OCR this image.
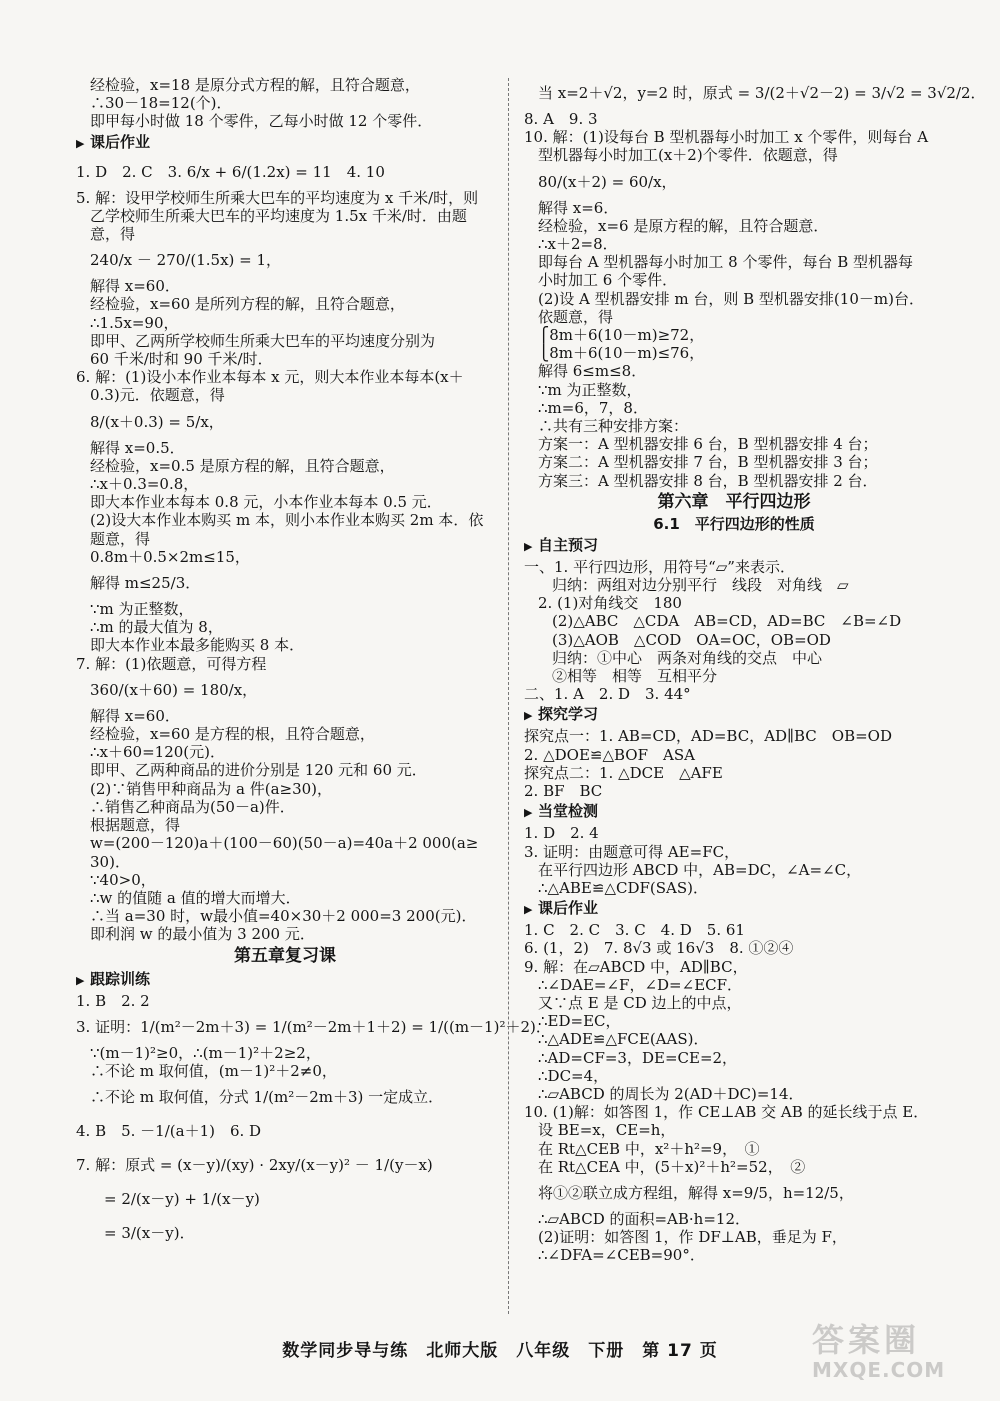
经检验，x=18 是原分式方程的解，且符合题意，
∴30－18=12(个)．
即甲每小时做 18 个零件，乙每小时做 12 个零件．
▶ 课后作业
1. D　2. C　3. 6/x + 6/(1.2x) = 11　4. 10
5. 解：设甲学校师生所乘大巴车的平均速度为 x 千米/时，则
乙学校师生所乘大巴车的平均速度为 1.5x 千米/时．由题
意，得
240/x － 270/(1.5x) = 1，
解得 x=60．
经检验，x=60 是所列方程的解，且符合题意，
∴1.5x=90，
即甲、乙两所学校师生所乘大巴车的平均速度分别为
60 千米/时和 90 千米/时．
6. 解：(1)设小本作业本每本 x 元，则大本作业本每本(x＋
0.3)元．依题意，得
8/(x＋0.3) = 5/x，
解得 x=0.5．
经检验，x=0.5 是原方程的解，且符合题意，
∴x＋0.3=0.8，
即大本作业本每本 0.8 元，小本作业本每本 0.5 元．
(2)设大本作业本购买 m 本，则小本作业本购买 2m 本．依
题意，得
0.8m＋0.5×2m≤15，
解得 m≤25/3．
∵m 为正整数，
∴m 的最大值为 8，
即大本作业本最多能购买 8 本．
7. 解：(1)依题意，可得方程
360/(x＋60) = 180/x，
解得 x=60．
经检验，x=60 是方程的根，且符合题意，
∴x＋60=120(元)．
即甲、乙两种商品的进价分别是 120 元和 60 元．
(2)∵销售甲种商品为 a 件(a≥30)，
∴销售乙种商品为(50－a)件．
根据题意，得
w=(200－120)a＋(100－60)(50－a)=40a＋2 000(a≥
30)．
∵40>0，
∴w 的值随 a 值的增大而增大．
∴当 a=30 时，w最小值=40×30＋2 000=3 200(元)．
即利润 w 的最小值为 3 200 元．
第五章复习课
▶ 跟踪训练
1. B　2. 2
3. 证明：1/(m²－2m＋3) = 1/(m²－2m＋1＋2) = 1/((m－1)²＋2)．
∵(m－1)²≥0，∴(m－1)²＋2≥2，
∴不论 m 取何值，(m－1)²＋2≠0，
∴不论 m 取何值，分式 1/(m²－2m＋3) 一定成立．
4. B　5. －1/(a＋1)　6. D
7. 解：原式 = (x－y)/(xy) · 2xy/(x－y)² － 1/(y－x)
= 2/(x－y) + 1/(x－y)
= 3/(x－y)．
当 x=2＋√2，y=2 时，原式 = 3/(2＋√2－2) = 3/√2 = 3√2/2．
8. A　9. 3
10. 解：(1)设每台 B 型机器每小时加工 x 个零件，则每台 A
型机器每小时加工(x＋2)个零件．依题意，得
80/(x＋2) = 60/x，
解得 x=6．
经检验，x=6 是原方程的解，且符合题意．
∴x＋2=8．
即每台 A 型机器每小时加工 8 个零件，每台 B 型机器每
小时加工 6 个零件．
(2)设 A 型机器安排 m 台，则 B 型机器安排(10－m)台．
依题意，得
⎧8m＋6(10－m)≥72，
⎩8m＋6(10－m)≤76，
解得 6≤m≤8．
∵m 为正整数，
∴m=6，7，8．
∴共有三种安排方案：
方案一：A 型机器安排 6 台，B 型机器安排 4 台；
方案二：A 型机器安排 7 台，B 型机器安排 3 台；
方案三：A 型机器安排 8 台，B 型机器安排 2 台．
第六章　平行四边形
6.1　平行四边形的性质
▶ 自主预习
一、1. 平行四边形，用符号“▱”来表示．
归纳：两组对边分别平行　线段　对角线　▱
2. (1)对角线交　180
(2)△ABC　△CDA　AB=CD，AD=BC　∠B=∠D
(3)△AOB　△COD　OA=OC，OB=OD
归纳：①中心　两条对角线的交点　中心
②相等　相等　互相平分
二、1. A　2. D　3. 44°
▶ 探究学习
探究点一：1. AB=CD，AD=BC，AD∥BC　OB=OD
2. △DOE≌△BOF　ASA
探究点二：1. △DCE　△AFE
2. BF　BC
▶ 当堂检测
1. D　2. 4
3. 证明：由题意可得 AE=FC，
在平行四边形 ABCD 中，AB=DC，∠A=∠C，
∴△ABE≌△CDF(SAS)．
▶ 课后作业
1. C　2. C　3. C　4. D　5. 61
6. (1，2)　7. 8√3 或 16√3　8. ①②④
9. 解：在▱ABCD 中，AD∥BC，
∴∠DAE=∠F，∠D=∠ECF．
又∵点 E 是 CD 边上的中点，
∴ED=EC，
∴△ADE≌△FCE(AAS)．
∴AD=CF=3，DE=CE=2，
∴DC=4，
∴▱ABCD 的周长为 2(AD＋DC)=14．
10. (1)解：如答图 1，作 CE⊥AB 交 AB 的延长线于点 E．
设 BE=x，CE=h，
在 Rt△CEB 中，x²＋h²=9，　①
在 Rt△CEA 中，(5＋x)²＋h²=52，　②
将①②联立成方程组，解得 x=9/5，h=12/5，
∴▱ABCD 的面积=AB·h=12．
(2)证明：如答图 1，作 DF⊥AB，垂足为 F，
∴∠DFA=∠CEB=90°．
数学同步导与练　北师大版　八年级　下册　第 17 页	答案圈
MXQE.COM
